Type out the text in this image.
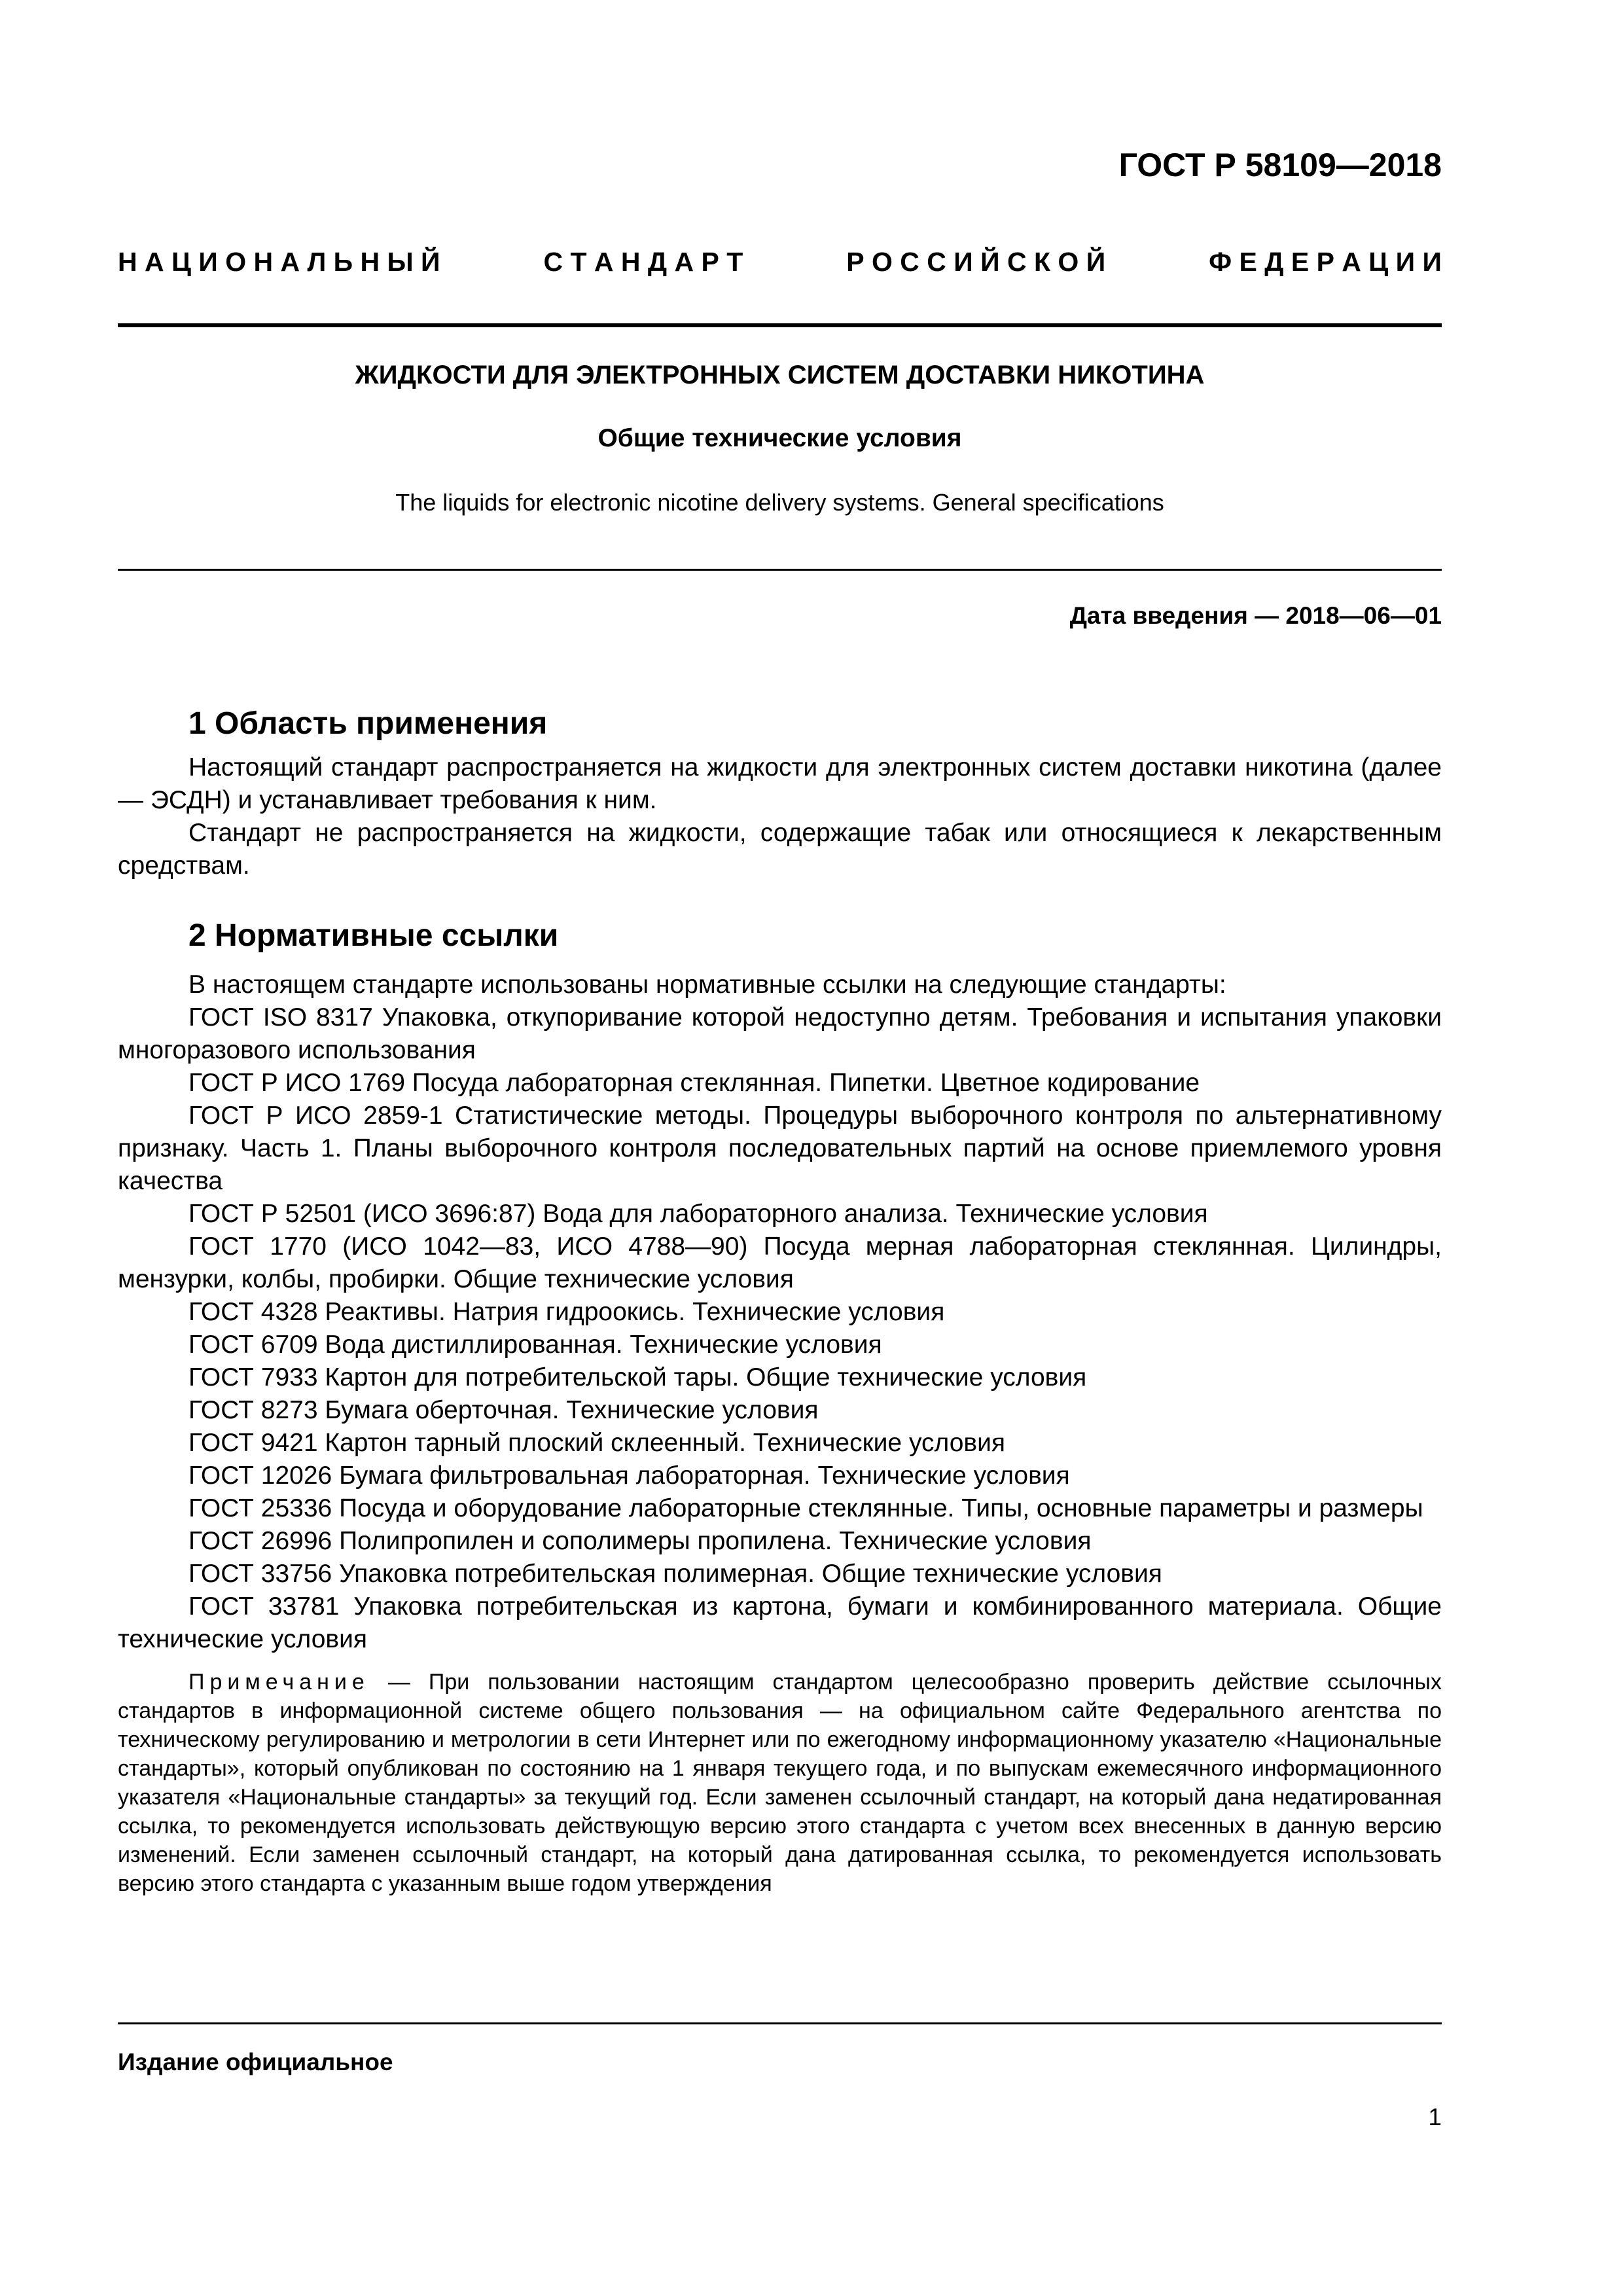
ГОСТ Р 58109—2018
Н А Ц И О Н А Л Ь Н Ы Й	С Т А Н Д А Р Т	Р О С С И Й С К О Й	Ф Е Д Е Р А Ц И И
ЖИДКОСТИ ДЛЯ ЭЛЕКТРОННЫХ СИСТЕМ ДОСТАВКИ НИКОТИНА

Общие технические условия

The liquids for electronic nicotine delivery systems. General specifications

Дата введения — 2018—06—01

1 Область применения

Настоящий стандарт распространяется на жидкости для электронных систем доставки никотина (далее — ЭСДН) и устанавливает требования к ним.

Стандарт не распространяется на жидкости, содержащие табак или относящиеся к лекарственным средствам.

2 Нормативные ссылки

В настоящем стандарте использованы нормативные ссылки на следующие стандарты:

ГОСТ ISO 8317 Упаковка, откупоривание которой недоступно детям. Требования и испытания упаковки многоразового использования

ГОСТ Р ИСО 1769 Посуда лабораторная стеклянная. Пипетки. Цветное кодирование

ГОСТ Р ИСО 2859-1 Статистические методы. Процедуры выборочного контроля по альтернативному признаку. Часть 1. Планы выборочного контроля последовательных партий на основе приемлемого уровня качества

ГОСТ Р 52501 (ИСО 3696:87) Вода для лабораторного анализа. Технические условия

ГОСТ 1770 (ИСО 1042—83, ИСО 4788—90) Посуда мерная лабораторная стеклянная. Цилиндры, мензурки, колбы, пробирки. Общие технические условия

ГОСТ 4328 Реактивы. Натрия гидроокись. Технические условия

ГОСТ 6709 Вода дистиллированная. Технические условия

ГОСТ 7933 Картон для потребительской тары. Общие технические условия

ГОСТ 8273 Бумага оберточная. Технические условия

ГОСТ 9421 Картон тарный плоский склеенный. Технические условия

ГОСТ 12026 Бумага фильтровальная лабораторная. Технические условия

ГОСТ 25336 Посуда и оборудование лабораторные стеклянные. Типы, основные параметры и размеры

ГОСТ 26996 Полипропилен и сополимеры пропилена. Технические условия

ГОСТ 33756 Упаковка потребительская полимерная. Общие технические условия

ГОСТ 33781 Упаковка потребительская из картона, бумаги и комбинированного материала. Общие технические условия

Примечание — При пользовании настоящим стандартом целесообразно проверить действие ссылочных стандартов в информационной системе общего пользования — на официальном сайте Федерального агентства по техническому регулированию и метрологии в сети Интернет или по ежегодному информационному указателю «Национальные стандарты», который опубликован по состоянию на 1 января текущего года, и по выпускам ежемесячного информационного указателя «Национальные стандарты» за текущий год. Если заменен ссылочный стандарт, на который дана недатированная ссылка, то рекомендуется использовать действующую версию этого стандарта с учетом всех внесенных в данную версию изменений. Если заменен ссылочный стандарт, на который дана датированная ссылка, то рекомендуется использовать версию этого стандарта с указанным выше годом утверждения

Издание официальное

1
